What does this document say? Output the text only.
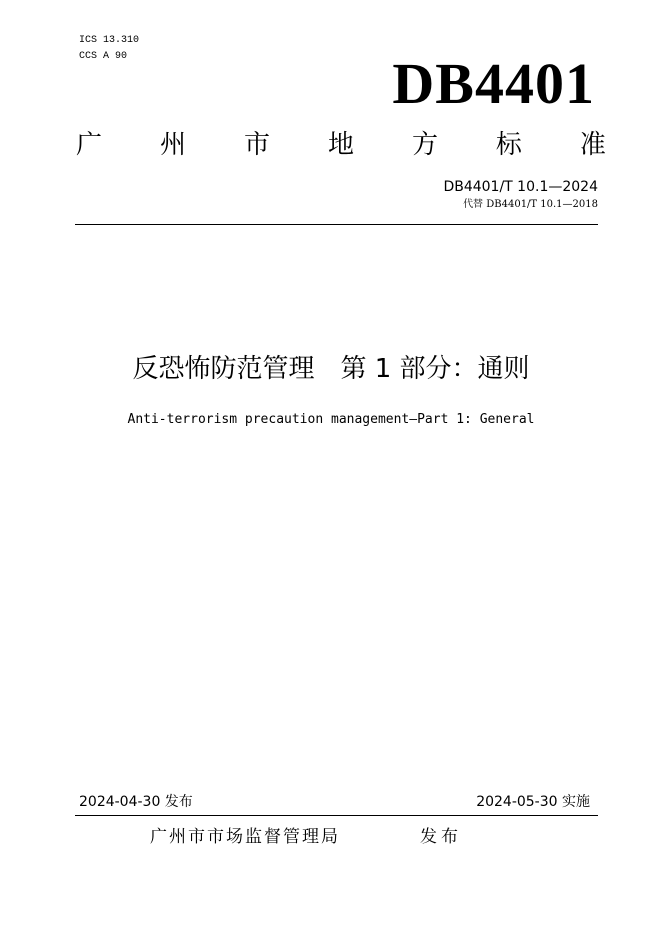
ICS 13.310
CCS A 90	DB4401
广 州 市 地 方 标 准
DB4401/T 10.1—2024
代替 DB4401/T 10.1—2018
反恐怖防范管理　第 1 部分：通则
Anti-terrorism precaution management—Part 1: General
2024-04-30 发布	2024-05-30 实施
广州市市场监督管理局	发布
